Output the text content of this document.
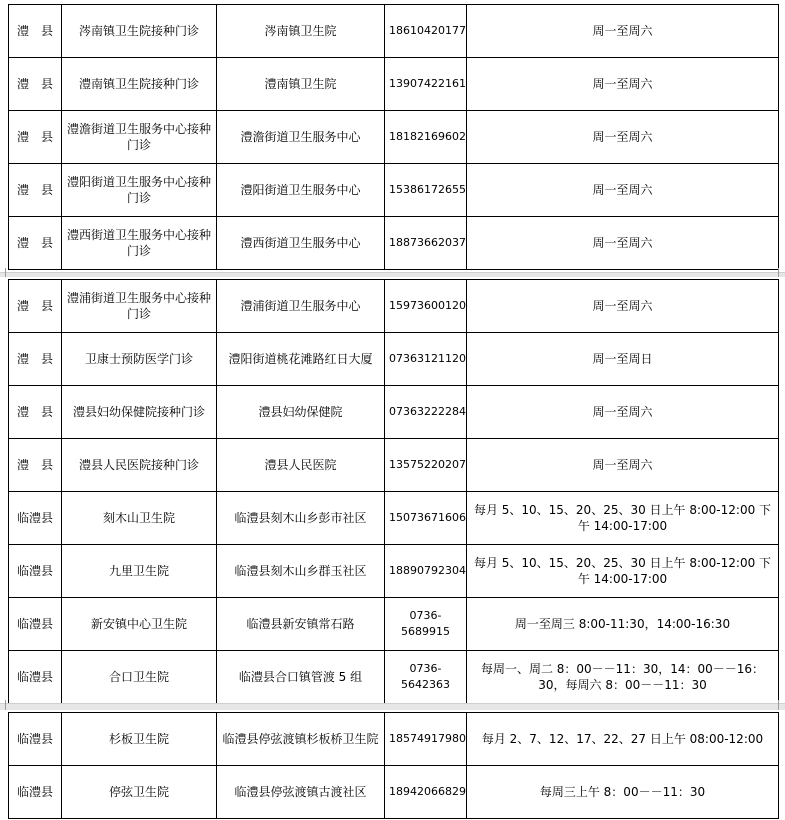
澧　县	涔南镇卫生院接种门诊	涔南镇卫生院	18610420177	周一至周六
澧　县	澧南镇卫生院接种门诊	澧南镇卫生院	13907422161	周一至周六
澧　县	澧澹街道卫生服务中心接种门诊	澧澹街道卫生服务中心	18182169602	周一至周六
澧　县	澧阳街道卫生服务中心接种门诊	澧阳街道卫生服务中心	15386172655	周一至周六
澧　县	澧西街道卫生服务中心接种门诊	澧西街道卫生服务中心	18873662037	周一至周六
澧　县	澧浦街道卫生服务中心接种门诊	澧浦街道卫生服务中心	15973600120	周一至周六
澧　县	卫康士预防医学门诊	澧阳街道桃花滩路红日大厦	07363121120	周一至周日
澧　县	澧县妇幼保健院接种门诊	澧县妇幼保健院	07363222284	周一至周六
澧　县	澧县人民医院接种门诊	澧县人民医院	13575220207	周一至周六
临澧县	刻木山卫生院	临澧县刻木山乡彭市社区	15073671606	每月 5、10、15、20、25、30 日上午 8:00-12:00 下午 14:00-17:00
临澧县	九里卫生院	临澧县刻木山乡群玉社区	18890792304	每月 5、10、15、20、25、30 日上午 8:00-12:00 下午 14:00-17:00
临澧县	新安镇中心卫生院	临澧县新安镇常石路	0736-5689915	周一至周三 8:00-11:30，14:00-16:30
临澧县	合口卫生院	临澧县合口镇管渡 5 组	0736-5642363	每周一、周二 8：00－－11：30，14：00－－16：30，每周六 8：00－－11：30
临澧县	杉板卫生院	临澧县停弦渡镇杉板桥卫生院	18574917980	每月 2、7、12、17、22、27 日上午 08:00-12:00
临澧县	停弦卫生院	临澧县停弦渡镇古渡社区	18942066829	每周三上午 8：00－－11：30
